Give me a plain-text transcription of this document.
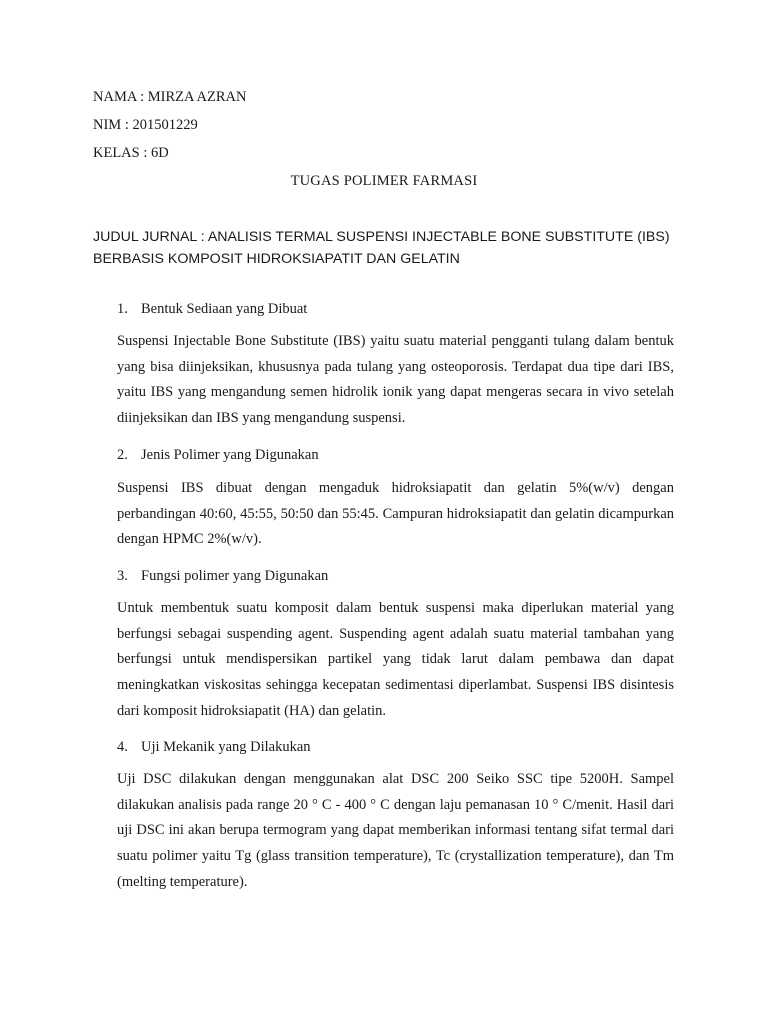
NAMA : MIRZA AZRAN
NIM : 201501229
KELAS : 6D
TUGAS POLIMER FARMASI
JUDUL JURNAL : ANALISIS TERMAL SUSPENSI INJECTABLE BONE SUBSTITUTE (IBS) BERBASIS KOMPOSIT HIDROKSIAPATIT DAN GELATIN
1. Bentuk Sediaan yang Dibuat
Suspensi Injectable Bone Substitute (IBS) yaitu suatu material pengganti tulang dalam bentuk yang bisa diinjeksikan, khususnya pada tulang yang osteoporosis. Terdapat dua tipe dari IBS, yaitu IBS yang mengandung semen hidrolik ionik yang dapat mengeras secara in vivo setelah diinjeksikan dan IBS yang mengandung suspensi.
2. Jenis Polimer yang Digunakan
Suspensi IBS dibuat dengan mengaduk hidroksiapatit dan gelatin 5%(w/v) dengan perbandingan 40:60, 45:55, 50:50 dan 55:45. Campuran hidroksiapatit dan gelatin dicampurkan dengan HPMC 2%(w/v).
3. Fungsi polimer yang Digunakan
Untuk membentuk suatu komposit dalam bentuk suspensi maka diperlukan material yang berfungsi sebagai suspending agent. Suspending agent adalah suatu material tambahan yang berfungsi untuk mendispersikan partikel yang tidak larut dalam pembawa dan dapat meningkatkan viskositas sehingga kecepatan sedimentasi diperlambat. Suspensi IBS disintesis dari komposit hidroksiapatit (HA) dan gelatin.
4. Uji Mekanik yang Dilakukan
Uji DSC dilakukan dengan menggunakan alat DSC 200 Seiko SSC tipe 5200H. Sampel dilakukan analisis pada range 20 ° C - 400 ° C dengan laju pemanasan 10 ° C/menit. Hasil dari uji DSC ini akan berupa termogram yang dapat memberikan informasi tentang sifat termal dari suatu polimer yaitu Tg (glass transition temperature), Tc (crystallization temperature), dan Tm (melting temperature).
